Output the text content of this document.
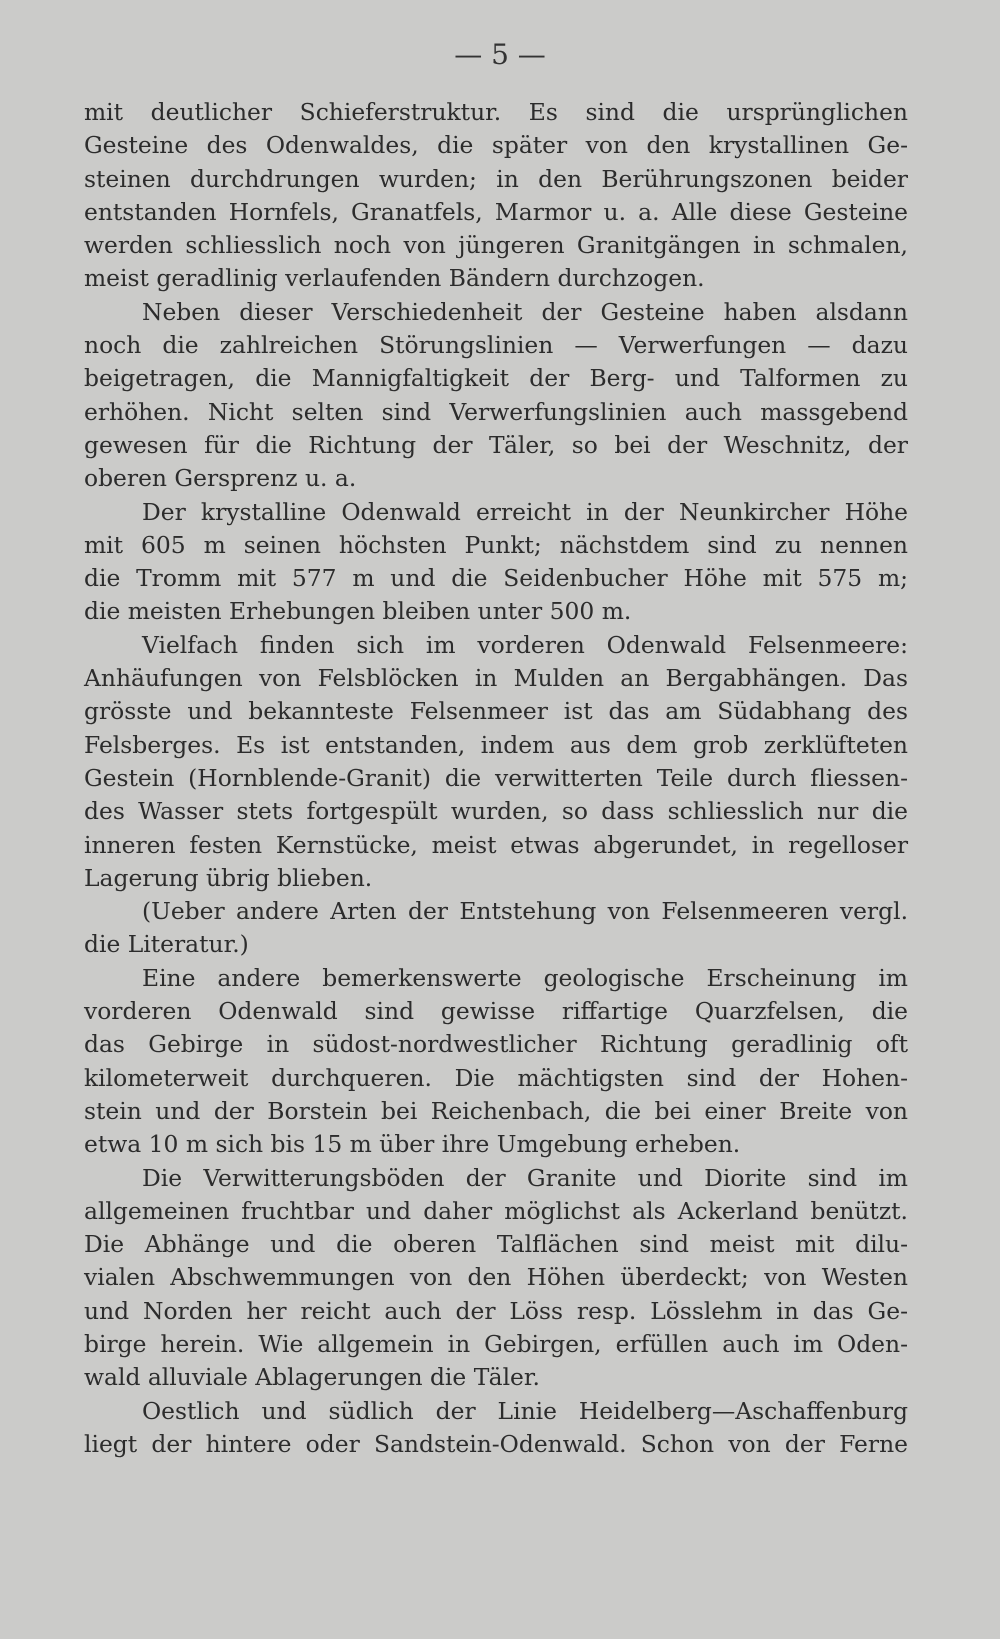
— 5 —
mit deutlicher Schieferstruktur. Es sind die ursprünglichen
Gesteine des Odenwaldes, die später von den krystallinen Ge-
steinen durchdrungen wurden; in den Berührungszonen beider
entstanden Hornfels, Granatfels, Marmor u. a. Alle diese Gesteine
werden schliesslich noch von jüngeren Granitgängen in schmalen,
meist geradlinig verlaufenden Bändern durchzogen.
Neben dieser Verschiedenheit der Gesteine haben alsdann
noch die zahlreichen Störungslinien — Verwerfungen — dazu
beigetragen, die Mannigfaltigkeit der Berg- und Talformen zu
erhöhen. Nicht selten sind Verwerfungslinien auch massgebend
gewesen für die Richtung der Täler, so bei der Weschnitz, der
oberen Gersprenz u. a.
Der krystalline Odenwald erreicht in der Neunkircher Höhe
mit 605 m seinen höchsten Punkt; nächstdem sind zu nennen
die Tromm mit 577 m und die Seidenbucher Höhe mit 575 m;
die meisten Erhebungen bleiben unter 500 m.
Vielfach finden sich im vorderen Odenwald Felsenmeere:
Anhäufungen von Felsblöcken in Mulden an Bergabhängen. Das
grösste und bekannteste Felsenmeer ist das am Südabhang des
Felsberges. Es ist entstanden, indem aus dem grob zerklüfteten
Gestein (Hornblende-Granit) die verwitterten Teile durch fliessen-
des Wasser stets fortgespült wurden, so dass schliesslich nur die
inneren festen Kernstücke, meist etwas abgerundet, in regelloser
Lagerung übrig blieben.
(Ueber andere Arten der Entstehung von Felsenmeeren vergl.
die Literatur.)
Eine andere bemerkenswerte geologische Erscheinung im
vorderen Odenwald sind gewisse riffartige Quarzfelsen, die
das Gebirge in südost-nordwestlicher Richtung geradlinig oft
kilometerweit durchqueren. Die mächtigsten sind der Hohen-
stein und der Borstein bei Reichenbach, die bei einer Breite von
etwa 10 m sich bis 15 m über ihre Umgebung erheben.
Die Verwitterungsböden der Granite und Diorite sind im
allgemeinen fruchtbar und daher möglichst als Ackerland benützt.
Die Abhänge und die oberen Talflächen sind meist mit dilu-
vialen Abschwemmungen von den Höhen überdeckt; von Westen
und Norden her reicht auch der Löss resp. Lösslehm in das Ge-
birge herein. Wie allgemein in Gebirgen, erfüllen auch im Oden-
wald alluviale Ablagerungen die Täler.
Oestlich und südlich der Linie Heidelberg—Aschaffenburg
liegt der hintere oder Sandstein-Odenwald. Schon von der Ferne
